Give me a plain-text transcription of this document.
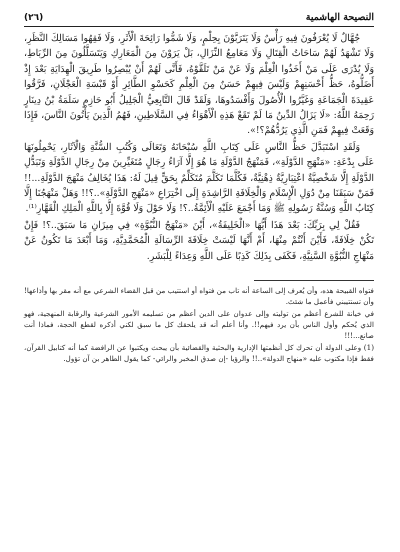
النصيحة الهاشمية
(٢٦)

جُهَّالٌ لَا يُعْرَفُونَ فِيهِ رَأْسٌ وَلَا يَتَرَبَّوْنَ بِحِلْمٍ، وَلَا شَمُّوا رَائِحَةَ الْأَثَرِ، وَلَا فَقِهُوا مَسَالِكَ النَّظَرِ، وَلَا تَشْهَدُ لَهُمْ سَاحَاتُ الْقِتَالِ وَلَا مَعَامِعُ النِّزَالِ، بَلْ يَرَوْنَ مِنَ الْمَعَارِكِ وَيَتَسَلَّلُونَ مِنَ الرِّبَاطِ، وَلَا يُدْرَى عَلَى مَنْ أَخَذُوا الْعِلْمَ وَلَا عَنْ مَنْ تَلَقَّوْهُ، فَأَنَّى لَهُمْ أَنْ يُبْصِرُوا طَرِيقَ الْهِدَايَةِ بَعْدَ إِذْ أَضَلُّوهُ، حَظُّ أَحْسَنِهِمْ وَلَيْسَ فِيهِمْ حَسَنٌ مِنَ الْعِلْمِ كَحَسْوِ الطَّائِرِ أَوْ قَبْسَةِ الْعَجْلَانِ، فَرَّقُوا عَقِيدَةَ الْجَمَاعَةِ وَغَيَّرُوا الْأُصُولَ وَأَفْسَدُوهَا، وَلَقَدْ قَالَ التَّابِعِيُّ الْجَلِيلُ أَبُو حَازِمٍ سَلَمَةُ بْنُ دِينَارٍ رَحِمَهُ اللَّهُ: «لَا يَزَالُ الدِّينُ مَا لَمْ تَقَعْ هَذِهِ الْأَهْوَاءُ فِي السَّلَاطِينِ، فَهُمُ الَّذِينَ يَأْتُونَ النَّاسَ، فَإِذَا وَقَعَتْ فِيهِمْ فَمَنِ الَّذِي يَرُدُّهُمْ؟!».

وَلَقَدِ اسْتَبَدَّلَ حَظُّ النَّاسِ عَلَى كِتَابِ اللَّهِ سُبْحَانَهُ وَتَعَالَى وَكُتُبِ السُّنَّةِ وَالْآثَارِ، يَحْمِلُونَهَا عَلَى بِدْعَةِ: «مَنْهَجِ الدَّوْلَةِ»، فَمَنْهَجُ الدَّوْلَةِ مَا هُوَ إِلَّا آرَاءُ رِجَالٍ مُتَغَيِّرِينَ مِنْ رِجَالِ الدَّوْلَةِ وَتَبَدُّلِ الدَّوْلَةِ إِلَّا شَخْصِيَّةٌ اعْتِبَارِيَّةٌ ذِهْنِيَّةٌ، فَكُلَّمَا تَكَلَّمَ مُتَكَلِّمٌ بِحَقٍّ قِيلَ لَهُ: هَذَا يُخَالِفُ مَنْهَجَ الدَّوْلَةِ...!! فَمَنْ سَبَقَنَا مِنْ دُوَلِ الْإِسْلَامِ وَالْخِلَافَةِ الرَّاشِدَةِ إِلَى اخْتِرَاعِ «مَنْهَجِ الدَّوْلَةِ»..؟!! وَهَلْ مَنْهَجُنَا إِلَّا كِتَابُ اللَّهِ وَسُنَّةُ رَسُولِهِ ﷺ وَمَا أَجْمَعَ عَلَيْهِ الْأَئِمَّةُ..؟! وَلَا حَوْلَ وَلَا قُوَّةَ إِلَّا بِاللَّهِ الْمَلِكِ الْقَهَّارِ⁽¹⁾.

فَقُلْ لِي بِرَبِّكَ: بَعْدَ هَذَا أَيُّهَا «الْخَلِيفَةُ»، أَيْنَ «مَنْهَجُ النُّبُوَّةِ» فِي مِيزَانِ مَا سَبَقَ..؟! فَإِنْ تَكُنْ خِلَافَةً، فَأَيْنَ أَنْتُمْ مِنْهَا، أَمْ أَنَّهَا لَيْسَتْ خِلَافَةَ الرِّسَالَةِ الْمُحَمَّدِيَّةِ، وَمَا أَبْعَدَ مَا تَكُونُ عَنْ مَنْهَاجِ النُّبُوَّةِ السَّنِيَّةِ، فَكَفَى بِذَلِكَ كَذِبًا عَلَى اللَّهِ وَعِدَاءً لِلْبَشَرِ.

فتواه القبيحة هذه، وأن يُعرف إلى الساعة أنه تاب من فتواه أو استتيب من قبل القضاء الشرعي مع أنه مقر بها وأذاعها! وأن تستتيبني فأعمل ما شئتَ.

في خيانة للشرع أعظم من توليته وإلى عدوان على الدين أعظم من تسليمه الأمور الشرعية والرقابة المنهجية، فهو الذي يُحكم وأول الناس بأن يرد فيهم!!. وأنا أعلم أنه قد يلحقك كل ما سبق لكني أذكره لقطع الحجة، فماذا أنت صانع...!!!

(1) وعلى الدولة أن تحرك كل أنظمتها الإدارية والبحثية والقضائية بأن يبحث ويكتبوا عن الرافضة كما أنه كتابيل القرآن، فقط فإذا مكتوب عليه «منهاج الدولة»..!! والرؤيا -إن صدق المخبر والرائي- كما يقول الطاهر بن آن تؤول.
